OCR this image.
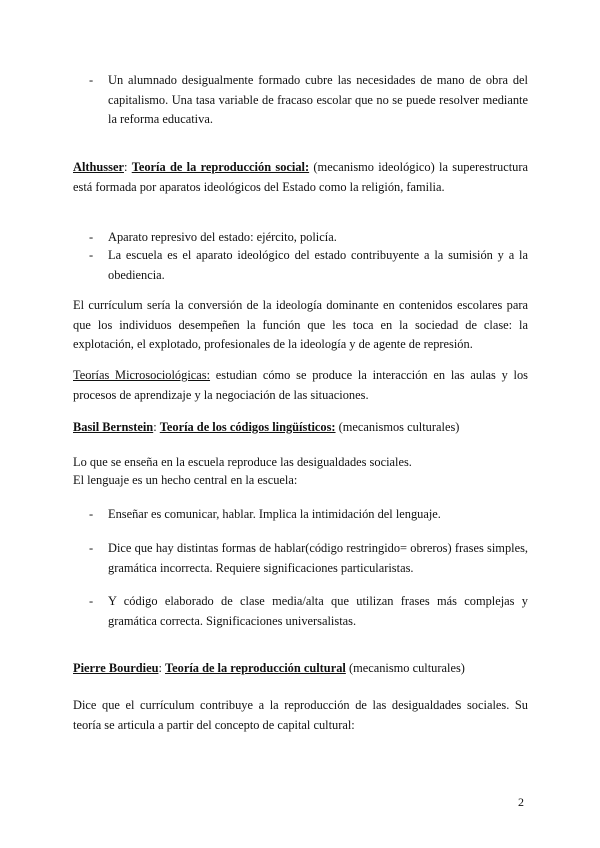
- Un alumnado desigualmente formado cubre las necesidades de mano de obra del capitalismo. Una tasa variable de fracaso escolar que no se puede resolver mediante la reforma educativa.
Althusser: Teoría de la reproducción social: (mecanismo ideológico) la superestructura está formada por aparatos ideológicos del Estado como la religión, familia.
- Aparato represivo del estado: ejército, policía.
- La escuela es el aparato ideológico del estado contribuyente a la sumisión y a la obediencia.
El currículum sería la conversión de la ideología dominante en contenidos escolares para que los individuos desempeñen la función que les toca en la sociedad de clase: la explotación, el explotado, profesionales de la ideología y de agente de represión.
Teorías Microsociológicas: estudian cómo se produce la interacción en las aulas y los procesos de aprendizaje y la negociación de las situaciones.
Basil Bernstein: Teoría de los códigos lingüísticos: (mecanismos culturales)
Lo que se enseña en la escuela reproduce las desigualdades sociales.
El lenguaje es un hecho central en la escuela:
- Enseñar es comunicar, hablar. Implica la intimidación del lenguaje.
- Dice que hay distintas formas de hablar(código restringido= obreros) frases simples, gramática incorrecta. Requiere significaciones particularistas.
- Y código elaborado de clase media/alta que utilizan frases más complejas y gramática correcta. Significaciones universalistas.
Pierre Bourdieu: Teoría de la reproducción cultural (mecanismo culturales)
Dice que el currículum contribuye a la reproducción de las desigualdades sociales. Su teoría se articula a partir del concepto de capital cultural:
2
